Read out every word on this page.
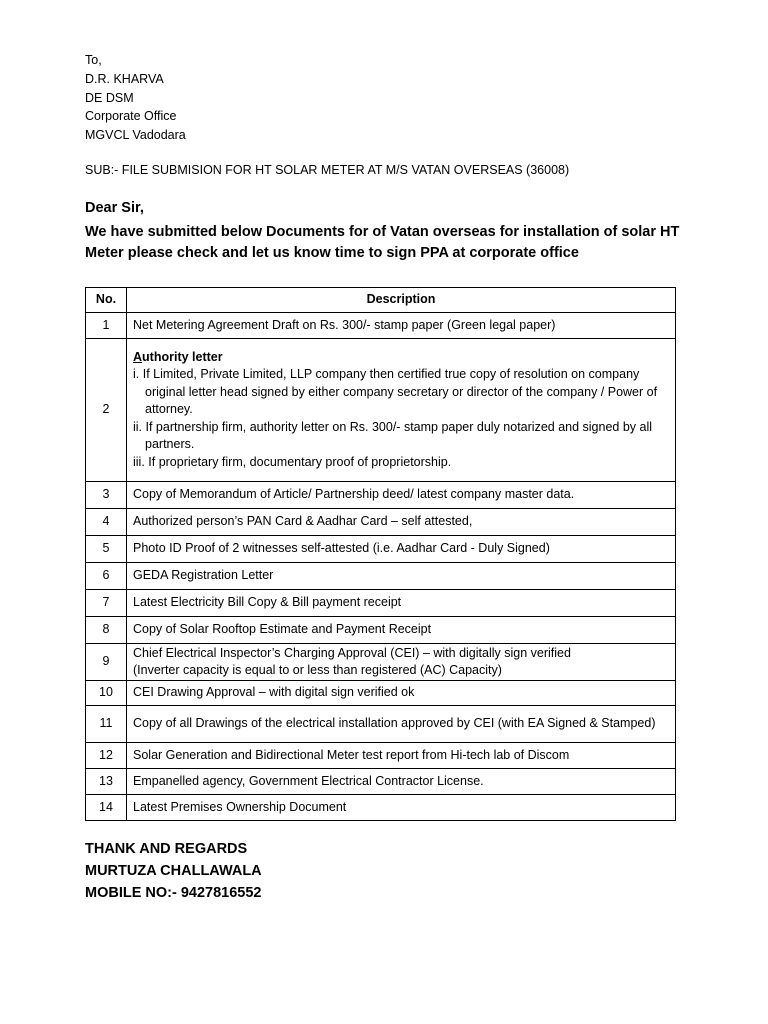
To,
D.R. KHARVA
DE DSM
Corporate Office
MGVCL Vadodara
SUB:- FILE SUBMISION FOR HT SOLAR METER AT M/S VATAN OVERSEAS (36008)
Dear Sir,
We have submitted below Documents for of Vatan overseas for installation of solar HT Meter please check and let us know time to sign PPA at corporate office
No.	Description
1	Net Metering Agreement Draft on Rs. 300/- stamp paper (Green legal paper)
2	Authority letter
i. If Limited, Private Limited, LLP company then certified true copy of resolution on company original letter head signed by either company secretary or director of the company / Power of attorney.
ii. If partnership firm, authority letter on Rs. 300/- stamp paper duly notarized and signed by all partners.
iii. If proprietary firm, documentary proof of proprietorship.

3	Copy of Memorandum of Article/ Partnership deed/ latest company master data.
4	Authorized person’s PAN Card & Aadhar Card – self attested,
5	Photo ID Proof of 2 witnesses self-attested (i.e. Aadhar Card - Duly Signed)
6	GEDA Registration Letter
7	Latest Electricity Bill Copy & Bill payment receipt
8	Copy of Solar Rooftop Estimate and Payment Receipt
9	Chief Electrical Inspector’s Charging Approval (CEI) – with digitally sign verified
(Inverter capacity is equal to or less than registered (AC) Capacity)

10	CEI Drawing Approval – with digital sign verified ok
11	Copy of all Drawings of the electrical installation approved by CEI (with EA Signed & Stamped)
12	Solar Generation and Bidirectional Meter test report from Hi-tech lab of Discom
13	Empanelled agency, Government Electrical Contractor License.
14	Latest Premises Ownership Document
THANK AND REGARDS
MURTUZA CHALLAWALA
MOBILE NO:- 9427816552
